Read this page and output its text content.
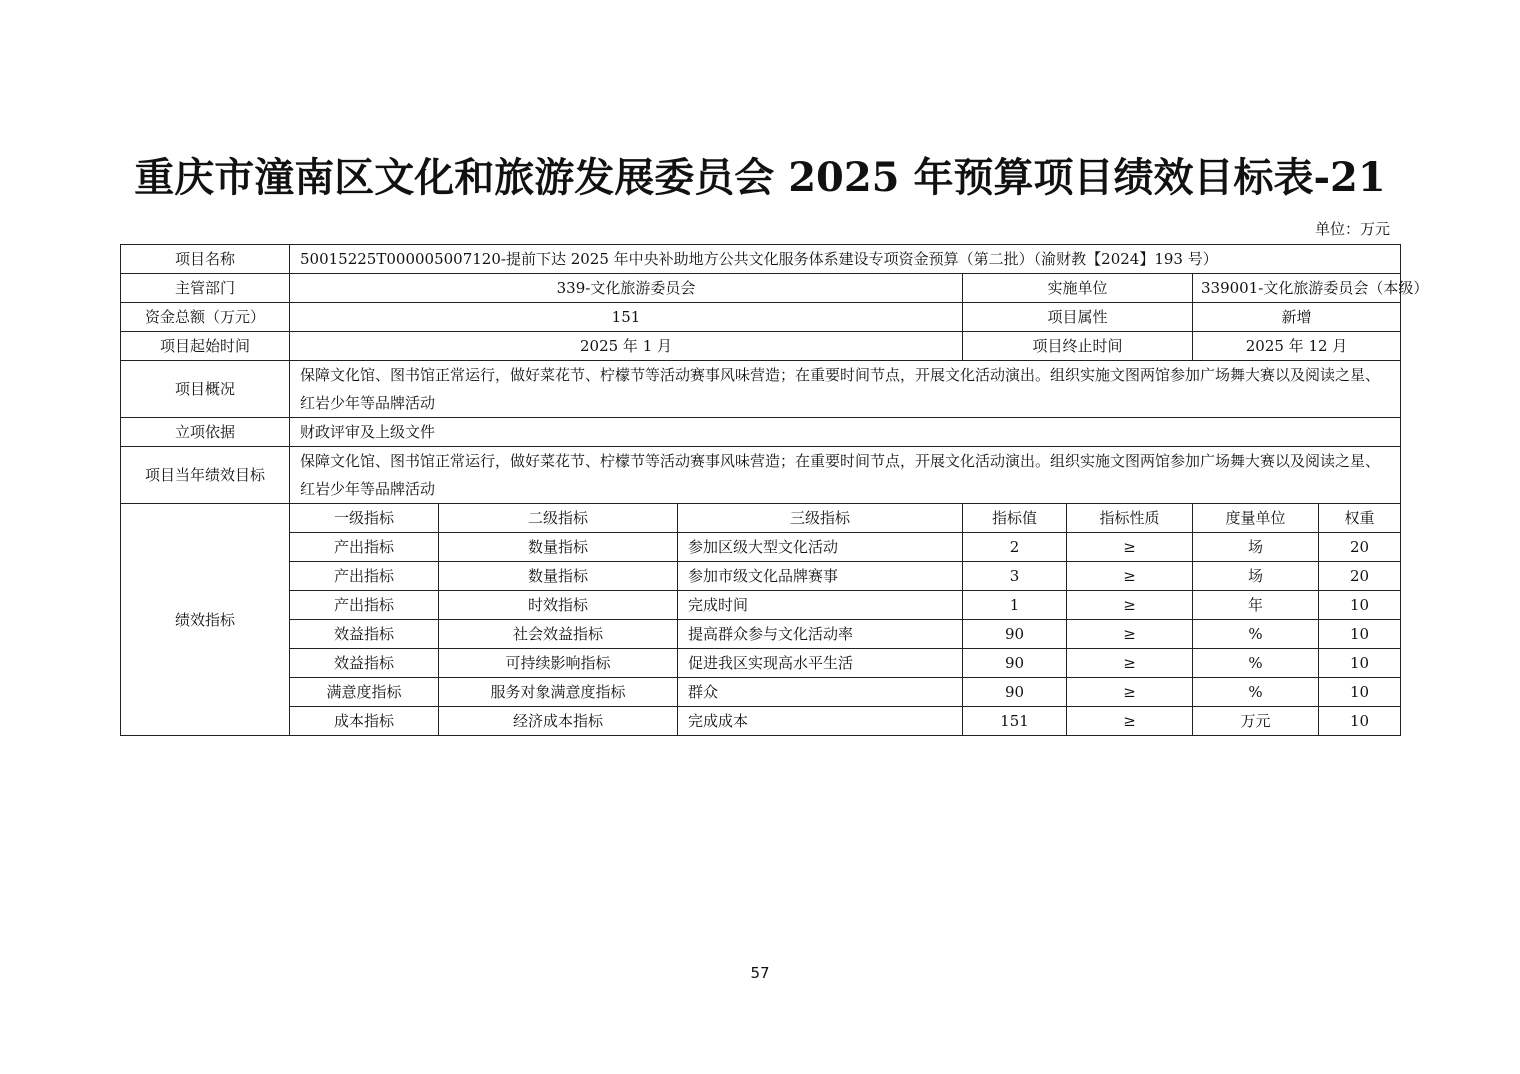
重庆市潼南区文化和旅游发展委员会 2025 年预算项目绩效目标表-21
单位：万元
项目名称	50015225T000005007120-提前下达 2025 年中央补助地方公共文化服务体系建设专项资金预算（第二批）（渝财教【2024】193 号）						
主管部门	339-文化旅游委员会			实施单位		339001-文化旅游委员会（本级）	
资金总额（万元）	151			项目属性		新增	
项目起始时间	2025 年 1 月			项目终止时间		2025 年 12 月	
项目概况	保障文化馆、图书馆正常运行，做好菜花节、柠檬节等活动赛事风味营造；在重要时间节点，开展文化活动演出。组织实施文图两馆参加广场舞大赛以及阅读之星、红岩少年等品牌活动						
立项依据	财政评审及上级文件						
项目当年绩效目标	保障文化馆、图书馆正常运行，做好菜花节、柠檬节等活动赛事风味营造；在重要时间节点，开展文化活动演出。组织实施文图两馆参加广场舞大赛以及阅读之星、红岩少年等品牌活动						
绩效指标	一级指标	二级指标	三级指标	指标值	指标性质	度量单位	权重
	产出指标	数量指标	参加区级大型文化活动	2	≥	场	20
	产出指标	数量指标	参加市级文化品牌赛事	3	≥	场	20
	产出指标	时效指标	完成时间	1	≥	年	10
	效益指标	社会效益指标	提高群众参与文化活动率	90	≥	%	10
	效益指标	可持续影响指标	促进我区实现高水平生活	90	≥	%	10
	满意度指标	服务对象满意度指标	群众	90	≥	%	10
	成本指标	经济成本指标	完成成本	151	≥	万元	10
57
